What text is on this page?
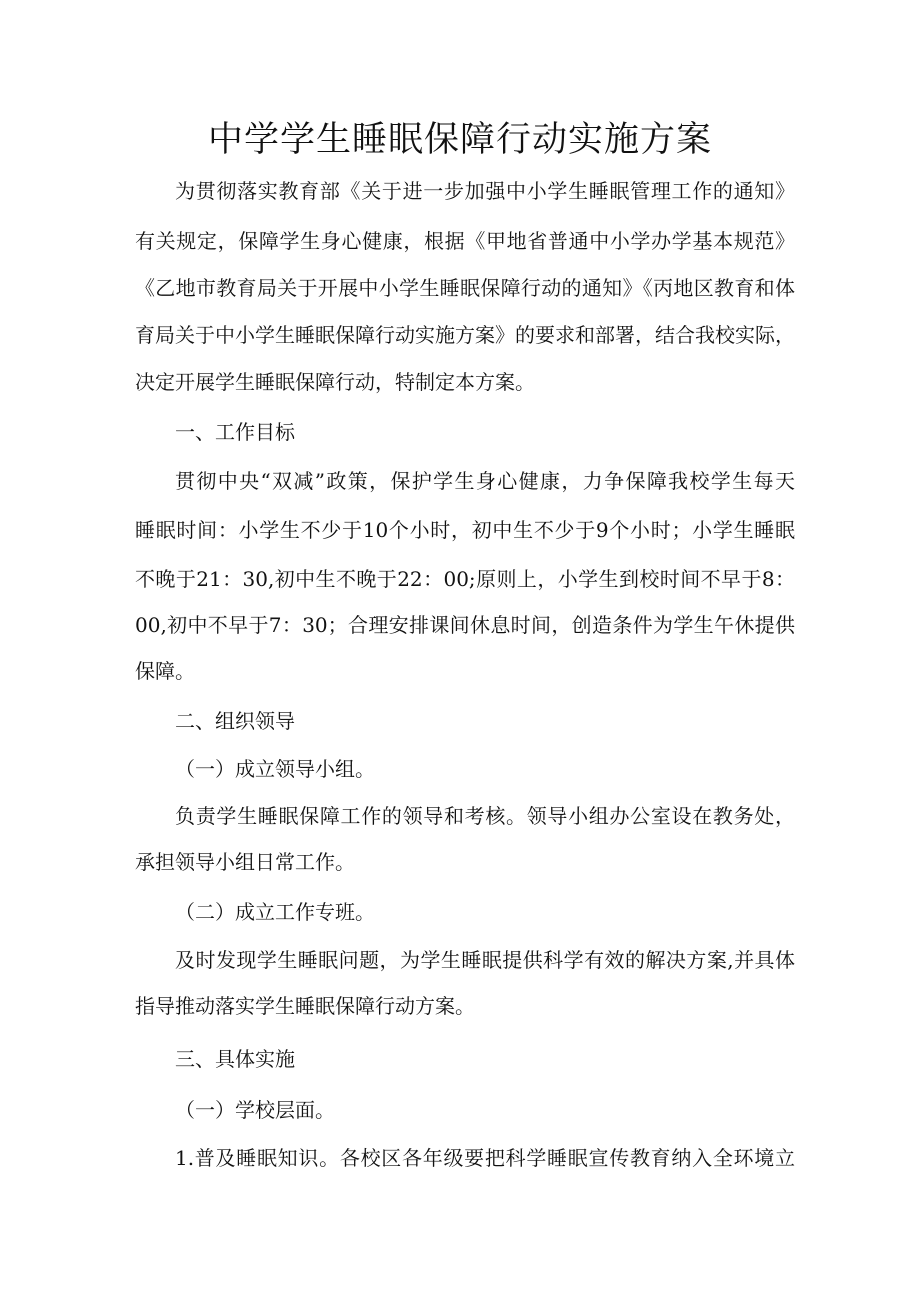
中学学生睡眠保障行动实施方案

为贯彻落实教育部《关于进一步加强中小学生睡眠管理工作的通知》

有关规定，保障学生身心健康，根据《甲地省普通中小学办学基本规范》

《乙地市教育局关于开展中小学生睡眠保障行动的通知》《丙地区教育和体

育局关于中小学生睡眠保障行动实施方案》的要求和部署，结合我校实际，

决定开展学生睡眠保障行动，特制定本方案。

一、工作目标

贯彻中央“双减”政策，保护学生身心健康，力争保障我校学生每天

睡眠时间：小学生不少于10个小时，初中生不少于9个小时；小学生睡眠

不晚于21：30,初中生不晚于22：00;原则上，小学生到校时间不早于8：

00,初中不早于7：30；合理安排课间休息时间，创造条件为学生午休提供

保障。

二、组织领导

（一）成立领导小组。

负责学生睡眠保障工作的领导和考核。领导小组办公室设在教务处，

承担领导小组日常工作。

（二）成立工作专班。

及时发现学生睡眠问题，为学生睡眠提供科学有效的解决方案,并具体

指导推动落实学生睡眠保障行动方案。

三、具体实施

（一）学校层面。

1.普及睡眠知识。各校区各年级要把科学睡眠宣传教育纳入全环境立
